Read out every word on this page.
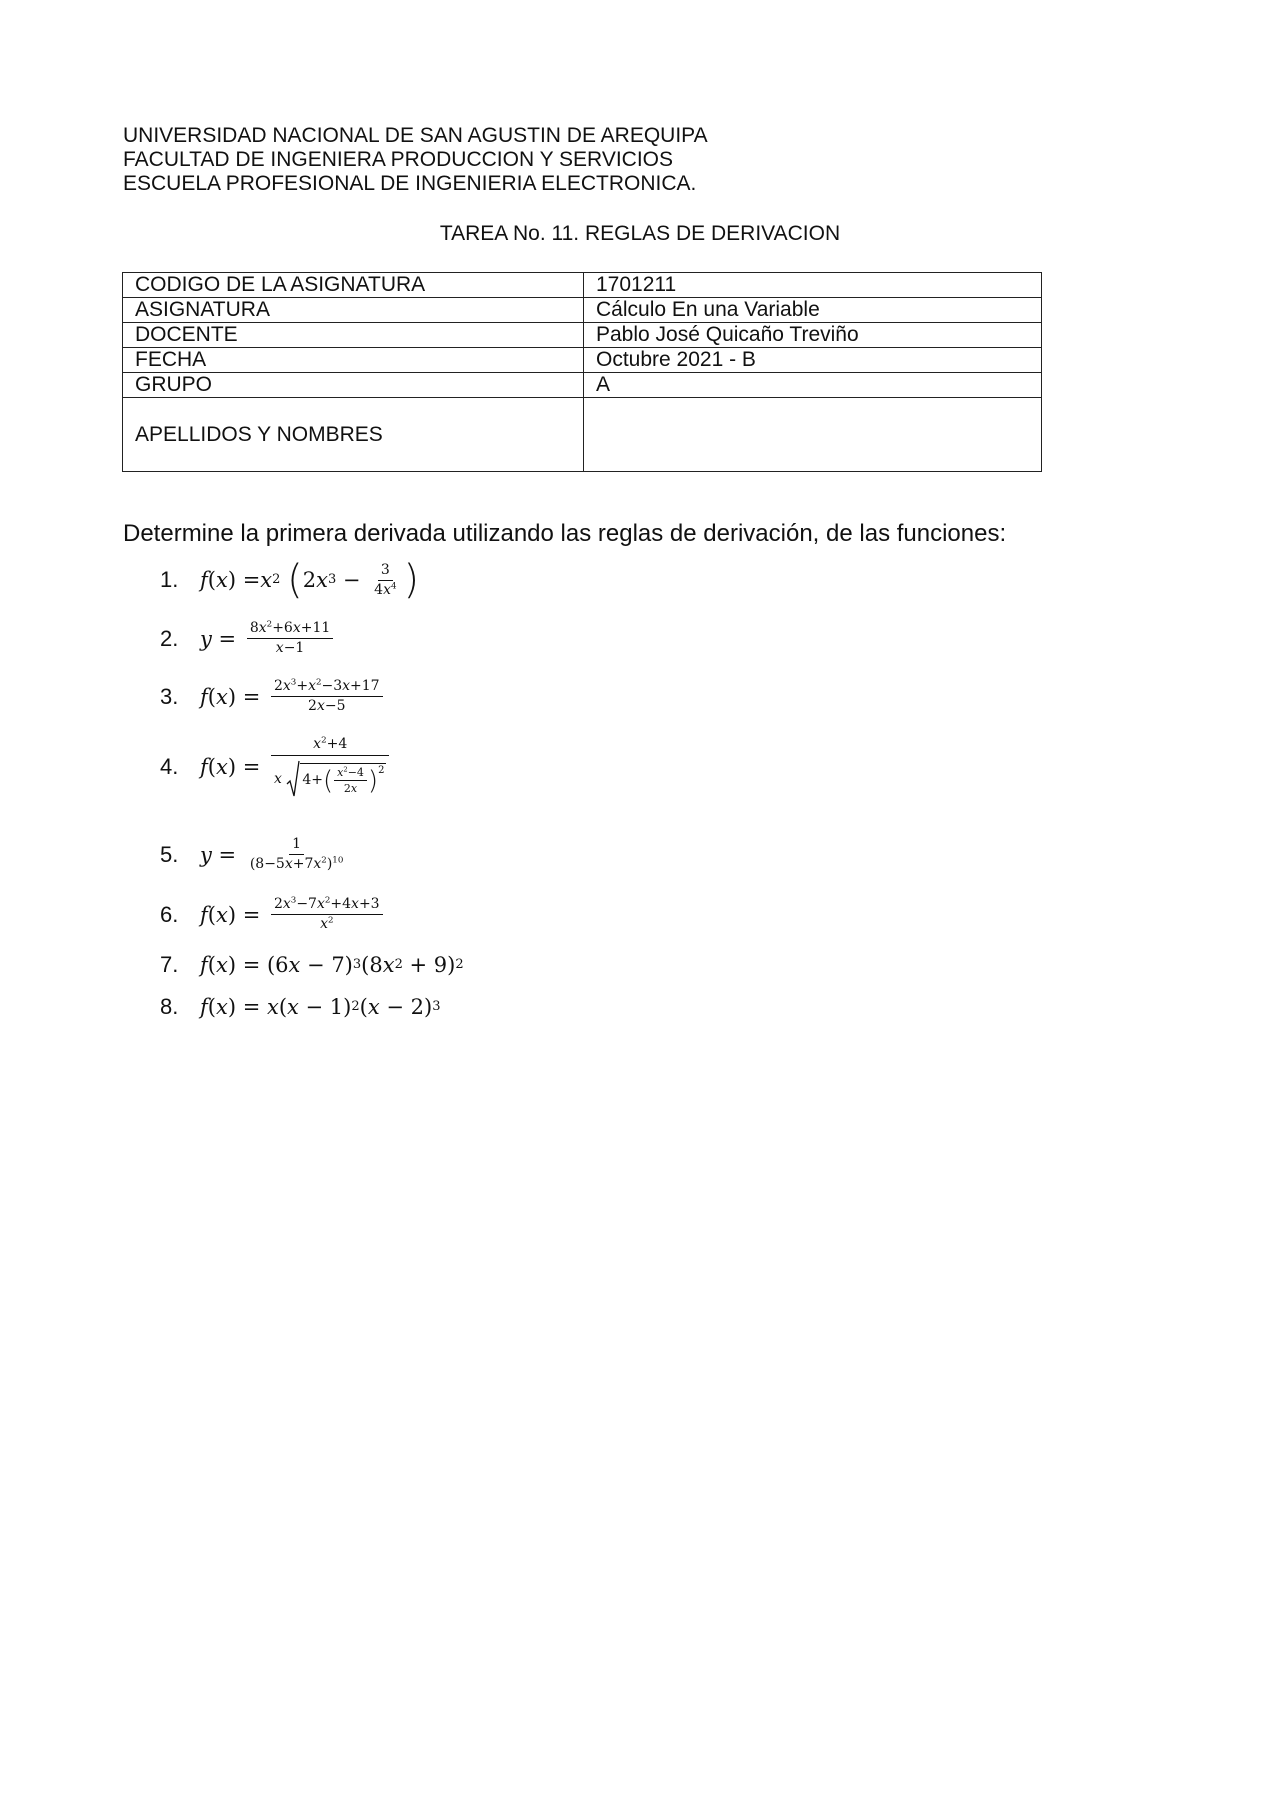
UNIVERSIDAD NACIONAL DE SAN AGUSTIN DE AREQUIPA
FACULTAD DE INGENIERA PRODUCCION Y SERVICIOS
ESCUELA PROFESIONAL DE INGENIERIA ELECTRONICA.
TAREA No. 11. REGLAS DE DERIVACION
CODIGO DE LA ASIGNATURA	1701211
ASIGNATURA	Cálculo En una Variable
DOCENTE	Pablo José Quicaño Treviño
FECHA	Octubre 2021 - B
GRUPO	A
APELLIDOS Y NOMBRES	
Determine la primera derivada utilizando las reglas de derivación, de las funciones:
1.	f ( x ) = x 2
( 2 x $3 - \frac{3}{4x^4}$ )
2.	$y = \frac{8x^2+6x+11}{x-1}$
3.	f ( x ) = $\frac{2x^3+x^2-3x+17}{2x-5}$
4.	f ( x ) = $x^2+4$
x
4+ ( $\frac{x^2-4}{2x} )^2$
5.	$y = \frac{1}{(8-5x+7x^2)^{10}}$
6.	f ( x ) = $\frac{2x^3-7x^2+4x+3}{x^2}$
7.	f ( x ) = (6 x − 7) 3 (8 x 2 + 9) 2
8.	f ( x ) = x ( x − 1) 2 ( x − 2) 3
